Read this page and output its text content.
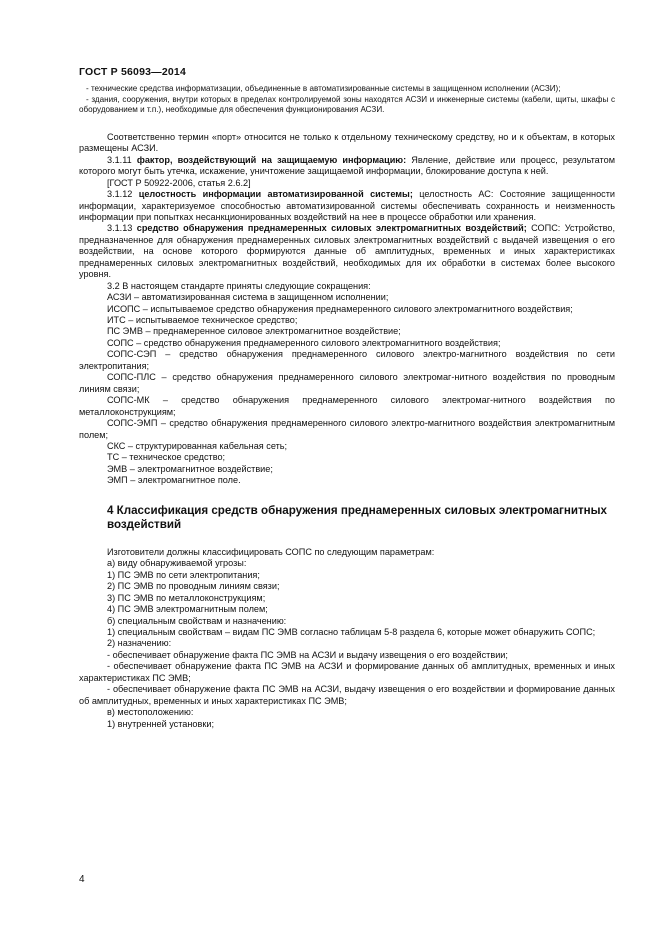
ГОСТ Р 56093—2014

- технические средства информатизации, объединенные в автоматизированные системы в защищенном исполнении (АСЗИ);

- здания, сооружения, внутри которых в пределах контролируемой зоны находятся АСЗИ и инженерные системы (кабели, щиты, шкафы с оборудованием и т.п.), необходимые для обеспечения функционирования АСЗИ.

Соответственно термин «порт» относится не только к отдельному техническому средству, но и к объектам, в которых размещены АСЗИ.

3.1.11 фактор, воздействующий на защищаемую информацию: Явление, действие или процесс, результатом которого могут быть утечка, искажение, уничтожение защищаемой информации, блокирование доступа к ней.

[ГОСТ Р 50922-2006, статья 2.6.2]

3.1.12 целостность информации автоматизированной системы; целостность АС: Состояние защищенности информации, характеризуемое способностью автоматизированной системы обеспечивать сохранность и неизменность информации при попытках несанкционированных воздействий на нее в процессе обработки или хранения.

3.1.13 средство обнаружения преднамеренных силовых электромагнитных воздействий; СОПС: Устройство, предназначенное для обнаружения преднамеренных силовых электромагнитных воздействий с выдачей извещения о его воздействии, на основе которого формируются данные об амплитудных, временных и иных характеристиках преднамеренных силовых электромагнитных воздействий, необходимых для их обработки в системах более высокого уровня.

3.2 В настоящем стандарте приняты следующие сокращения:

АСЗИ – автоматизированная система в защищенном исполнении;

ИСОПС – испытываемое средство обнаружения преднамеренного силового электромагнитного воздействия;

ИТС – испытываемое техническое средство;

ПС ЭМВ – преднамеренное силовое электромагнитное воздействие;

СОПС – средство обнаружения преднамеренного силового электромагнитного воздействия;

СОПС-СЭП – средство обнаружения преднамеренного силового электро-магнитного воздействия по сети электропитания;

СОПС-ПЛС – средство обнаружения преднамеренного силового электромаг-нитного воздействия по проводным линиям связи;

СОПС-МК – средство обнаружения преднамеренного силового электромаг-нитного воздействия по металлоконструкциям;

СОПС-ЭМП – средство обнаружения преднамеренного силового электро-магнитного воздействия электромагнитным полем;

СКС – структурированная кабельная сеть;

ТС – техническое средство;

ЭМВ – электромагнитное воздействие;

ЭМП – электромагнитное поле.

4 Классификация средств обнаружения преднамеренных силовых электромагнитных воздействий

Изготовители должны классифицировать СОПС по следующим параметрам:

а) виду обнаруживаемой угрозы:

1) ПС ЭМВ по сети электропитания;

2) ПС ЭМВ по проводным линиям связи;

3) ПС ЭМВ по металлоконструкциям;

4) ПС ЭМВ электромагнитным полем;

б) специальным свойствам и назначению:

1) специальным свойствам – видам ПС ЭМВ согласно таблицам 5-8 раздела 6, которые может обнаружить СОПС;

2) назначению:

- обеспечивает обнаружение факта ПС ЭМВ на АСЗИ и выдачу извещения о его воздействии;

- обеспечивает обнаружение факта ПС ЭМВ на АСЗИ и формирование данных об амплитудных, временных и иных характеристиках ПС ЭМВ;

- обеспечивает обнаружение факта ПС ЭМВ на АСЗИ, выдачу извещения о его воздействии и формирование данных об амплитудных, временных и иных характеристиках ПС ЭМВ;

в) местоположению:

1) внутренней установки;

4
